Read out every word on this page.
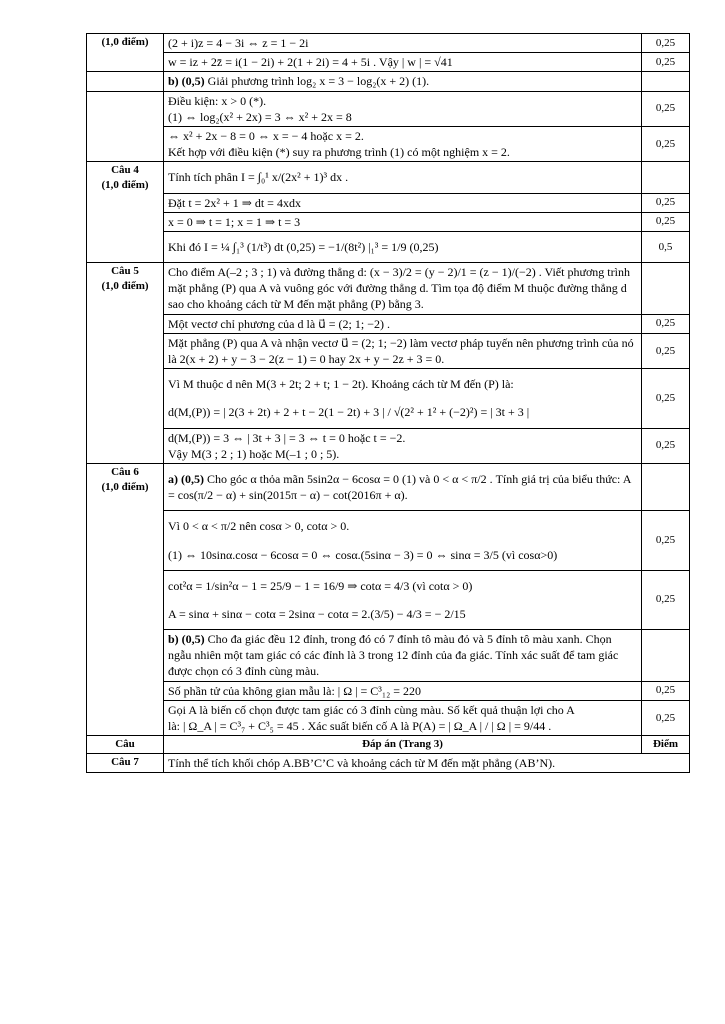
(1,0 điểm)	(2 + i)z = 4 − 3i ⇔ z = 1 − 2i	0,25

	w = iz + 2z̄ = i(1 − 2i) + 2(1 + 2i) = 4 + 5i . Vậy | w | = √41	0,25

	b) (0,5) Giải phương trình log₂ x = 3 − log₂(x + 2) (1).	

	Điều kiện: x > 0 (*).
(1) ⇔ log₂(x² + 2x) = 3 ⇔ x² + 2x = 8	0,25

	⇔ x² + 2x − 8 = 0 ⇔ x = − 4 hoặc x = 2.
Kết hợp với điều kiện (*) suy ra phương trình (1) có một nghiệm x = 2.	0,25

Câu 4
(1,0 điểm)	Tính tích phân I = ∫₀¹ x/(2x² + 1)³ dx .	

	Đặt t = 2x² + 1 ⇒ dt = 4xdx	0,25

	x = 0 ⇒ t = 1; x = 1 ⇒ t = 3	0,25

	Khi đó I = ¼ ∫₁³ (1/t³) dt (0,25) = −1/(8t²) |₁³ = 1/9 (0,25)	0,5

Câu 5
(1,0 điểm)	Cho điểm A(–2 ; 3 ; 1) và đường thẳng d: (x − 3)/2 = (y − 2)/1 = (z − 1)/(−2) . Viết phương trình mặt phẳng (P) qua A và vuông góc với đường thẳng d. Tìm tọa độ điểm M thuộc đường thẳng d sao cho khoảng cách từ M đến mặt phẳng (P) bằng 3.	

	Một vectơ chỉ phương của d là u⃗ = (2; 1; −2) .	0,25

	Mặt phẳng (P) qua A và nhận vectơ u⃗ = (2; 1; −2) làm vectơ pháp tuyến nên phương trình của nó là 2(x + 2) + y − 3 − 2(z − 1) = 0 hay 2x + y − 2z + 3 = 0.	0,25

	Vì M thuộc d nên M(3 + 2t; 2 + t; 1 − 2t). Khoảng cách từ M đến (P) là:
d(M,(P)) = | 2(3 + 2t) + 2 + t − 2(1 − 2t) + 3 | / √(2² + 1² + (−2)²) = | 3t + 3 |	0,25

	d(M,(P)) = 3 ⇔ | 3t + 3 | = 3 ⇔ t = 0 hoặc t = −2.
Vậy M(3 ; 2 ; 1) hoặc M(–1 ; 0 ; 5).	0,25

Câu 6
(1,0 điểm)	a) (0,5) Cho góc α thỏa mãn 5sin2α − 6cosα = 0 (1) và 0 < α < π/2 . Tính giá trị của biểu thức: A = cos(π/2 − α) + sin(2015π − α) − cot(2016π + α).	

	Vì 0 < α < π/2 nên cosα > 0, cotα > 0.
(1) ⇔ 10sinα.cosα − 6cosα = 0 ⇔ cosα.(5sinα − 3) = 0 ⇔ sinα = 3/5 (vì cosα>0)	0,25

	cot²α = 1/sin²α − 1 = 25/9 − 1 = 16/9 ⇒ cotα = 4/3 (vì cotα > 0)
A = sinα + sinα − cotα = 2sinα − cotα = 2.(3/5) − 4/3 = − 2/15	0,25

	b) (0,5) Cho đa giác đều 12 đỉnh, trong đó có 7 đỉnh tô màu đỏ và 5 đỉnh tô màu xanh. Chọn ngẫu nhiên một tam giác có các đỉnh là 3 trong 12 đỉnh của đa giác. Tính xác suất để tam giác được chọn có 3 đỉnh cùng màu.	

	Số phần tử của không gian mẫu là: | Ω | = C³₁₂ = 220	0,25

	Gọi A là biến cố chọn được tam giác có 3 đỉnh cùng màu. Số kết quả thuận lợi cho A
là: | Ω_A | = C³₇ + C³₅ = 45 . Xác suất biến cố A là P(A) = | Ω_A | / | Ω | = 9/44 .	0,25
Câu	Đáp án (Trang 3)	Điểm
Câu 7	Tính thể tích khối chóp A.BB’C’C và khoảng cách từ M đến mặt phẳng (AB’N).	
